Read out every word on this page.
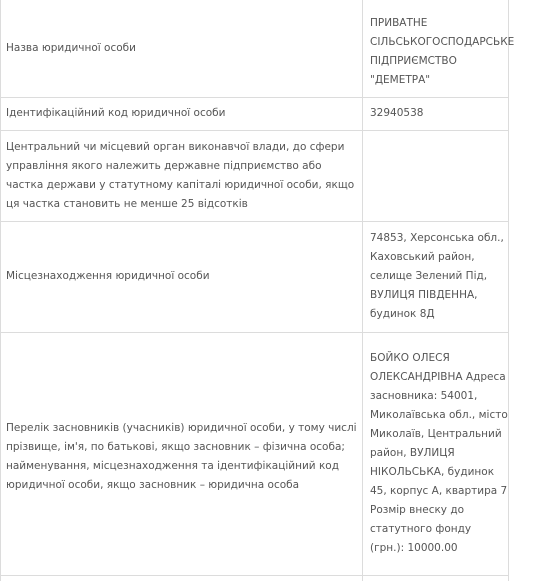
Назва юридичної особи
ПРИВАТНЕ СІЛЬСЬКОГОСПОДАРСЬКЕ ПІДПРИЄМСТВО "ДЕМЕТРА"
Ідентифікаційний код юридичної особи	32940538
Центральний чи місцевий орган виконавчої влади, до сфери управління якого належить державне підприємство або частка держави у статутному капіталі юридичної особи, якщо ця частка становить не менше 25 відсотків
Місцезнаходження юридичної особи
74853, Херсонська обл., Каховський район, селище Зелений Під, ВУЛИЦЯ ПІВДЕННА, будинок 8Д
Перелік засновників (учасників) юридичної особи, у тому числі прізвище, ім'я, по батькові, якщо засновник – фізична особа; найменування, місцезнаходження та ідентифікаційний код юридичної особи, якщо засновник – юридична особа
БОЙКО ОЛЕСЯ ОЛЕКСАНДРІВНА Адреса засновника: 54001, Миколаївська обл., місто Миколаїв, Центральний район, ВУЛИЦЯ НІКОЛЬСЬКА, будинок 45, корпус А, квартира 7 Розмір внеску до статутного фонду (грн.): 10000.00
